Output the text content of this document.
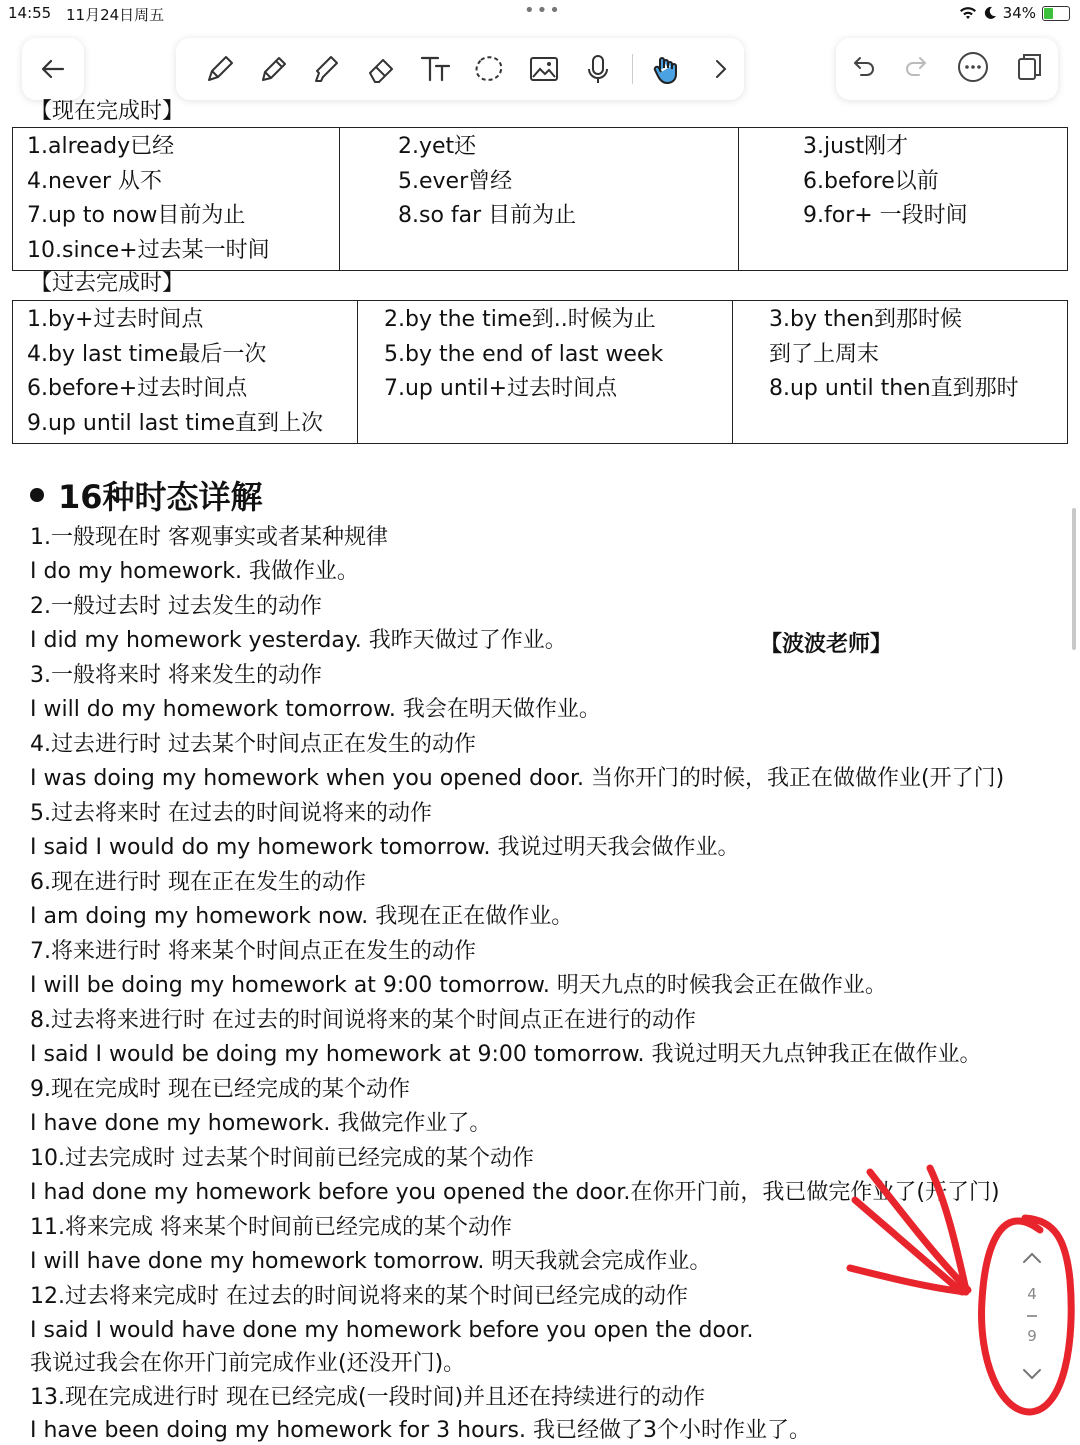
14:55 11月24日周五	•••	34%
【现在完成时】
1.already已经
4.never 从不
7.up to now目前为止
10.since+过去某一时间

2.yet还
5.ever曾经
8.so far 目前为止

3.just刚才
6.before以前
9.for+ 一段时间
【过去完成时】
1.by+过去时间点
4.by last time最后一次
6.before+过去时间点
9.up until last time直到上次

2.by the time到..时候为止
5.by the end of last week
7.up until+过去时间点

3.by then到那时候
到了上周末
8.up until then直到那时
16种时态详解
【波波老师】
1.一般现在时 客观事实或者某种规律
I do my homework. 我做作业。
2.一般过去时 过去发生的动作
I did my homework yesterday. 我昨天做过了作业。
3.一般将来时 将来发生的动作
I will do my homework tomorrow. 我会在明天做作业。
4.过去进行时 过去某个时间点正在发生的动作
I was doing my homework when you opened door. 当你开门的时候，我正在做做作业(开了门)
5.过去将来时 在过去的时间说将来的动作
I said I would do my homework tomorrow. 我说过明天我会做作业。
6.现在进行时 现在正在发生的动作
I am doing my homework now. 我现在正在做作业。
7.将来进行时 将来某个时间点正在发生的动作
I will be doing my homework at 9:00 tomorrow. 明天九点的时候我会正在做作业。
8.过去将来进行时 在过去的时间说将来的某个时间点正在进行的动作
I said I would be doing my homework at 9:00 tomorrow. 我说过明天九点钟我正在做作业。
9.现在完成时 现在已经完成的某个动作
I have done my homework. 我做完作业了。
10.过去完成时 过去某个时间前已经完成的某个动作
I had done my homework before you opened the door.在你开门前，我已做完作业了(开了门)
11.将来完成 将来某个时间前已经完成的某个动作
I will have done my homework tomorrow. 明天我就会完成作业。
12.过去将来完成时 在过去的时间说将来的某个时间已经完成的动作
I said I would have done my homework before you open the door.
我说过我会在你开门前完成作业(还没开门)。
13.现在完成进行时 现在已经完成(一段时间)并且还在持续进行的动作
I have been doing my homework for 3 hours. 我已经做了3个小时作业了。
4
9
